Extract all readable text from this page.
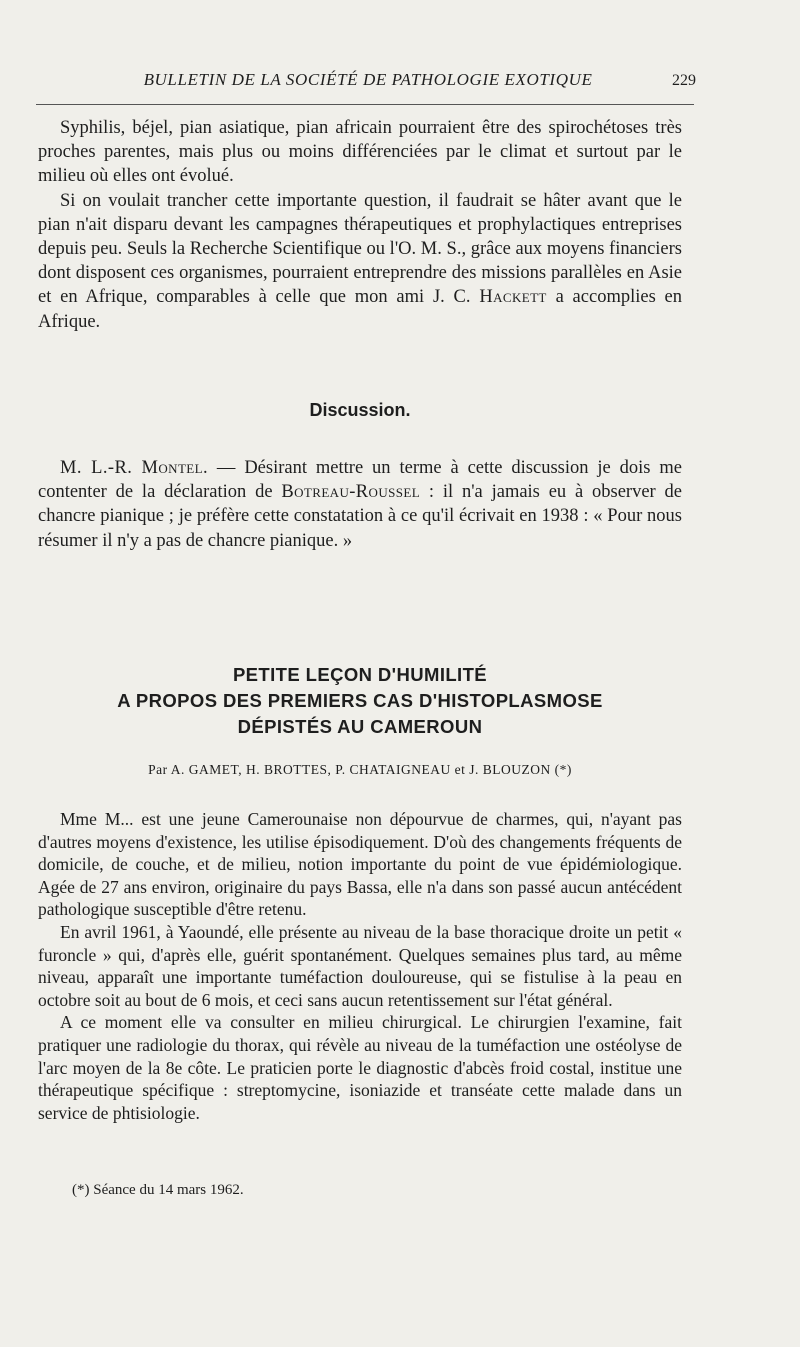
BULLETIN DE LA SOCIÉTÉ DE PATHOLOGIE EXOTIQUE	229

Syphilis, béjel, pian asiatique, pian africain pourraient être des spirochétoses très proches parentes, mais plus ou moins différenciées par le climat et surtout par le milieu où elles ont évolué.

Si on voulait trancher cette importante question, il faudrait se hâter avant que le pian n'ait disparu devant les campagnes thérapeutiques et prophylactiques entreprises depuis peu. Seuls la Recherche Scientifique ou l'O. M. S., grâce aux moyens financiers dont disposent ces organismes, pourraient entreprendre des missions parallèles en Asie et en Afrique, comparables à celle que mon ami J. C. Hackett a accomplies en Afrique.

Discussion.

M. L.-R. Montel. — Désirant mettre un terme à cette discussion je dois me contenter de la déclaration de Botreau-Roussel : il n'a jamais eu à observer de chancre pianique ; je préfère cette constatation à ce qu'il écrivait en 1938 : « Pour nous résumer il n'y a pas de chancre pianique. »

PETITE LEÇON D'HUMILITÉ
A PROPOS DES PREMIERS CAS D'HISTOPLASMOSE
DÉPISTÉS AU CAMEROUN
Par A. GAMET, H. BROTTES, P. CHATAIGNEAU et J. BLOUZON (*)

Mme M... est une jeune Camerounaise non dépourvue de charmes, qui, n'ayant pas d'autres moyens d'existence, les utilise épisodiquement. D'où des changements fréquents de domicile, de couche, et de milieu, notion importante du point de vue épidémiologique. Agée de 27 ans environ, originaire du pays Bassa, elle n'a dans son passé aucun antécédent pathologique susceptible d'être retenu.

En avril 1961, à Yaoundé, elle présente au niveau de la base thoracique droite un petit « furoncle » qui, d'après elle, guérit spontanément. Quelques semaines plus tard, au même niveau, apparaît une importante tuméfaction douloureuse, qui se fistulise à la peau en octobre soit au bout de 6 mois, et ceci sans aucun retentissement sur l'état général.

A ce moment elle va consulter en milieu chirurgical. Le chirurgien l'examine, fait pratiquer une radiologie du thorax, qui révèle au niveau de la tuméfaction une ostéolyse de l'arc moyen de la 8e côte. Le praticien porte le diagnostic d'abcès froid costal, institue une thérapeutique spécifique : streptomycine, isoniazide et transéate cette malade dans un service de phtisiologie.

(*) Séance du 14 mars 1962.
